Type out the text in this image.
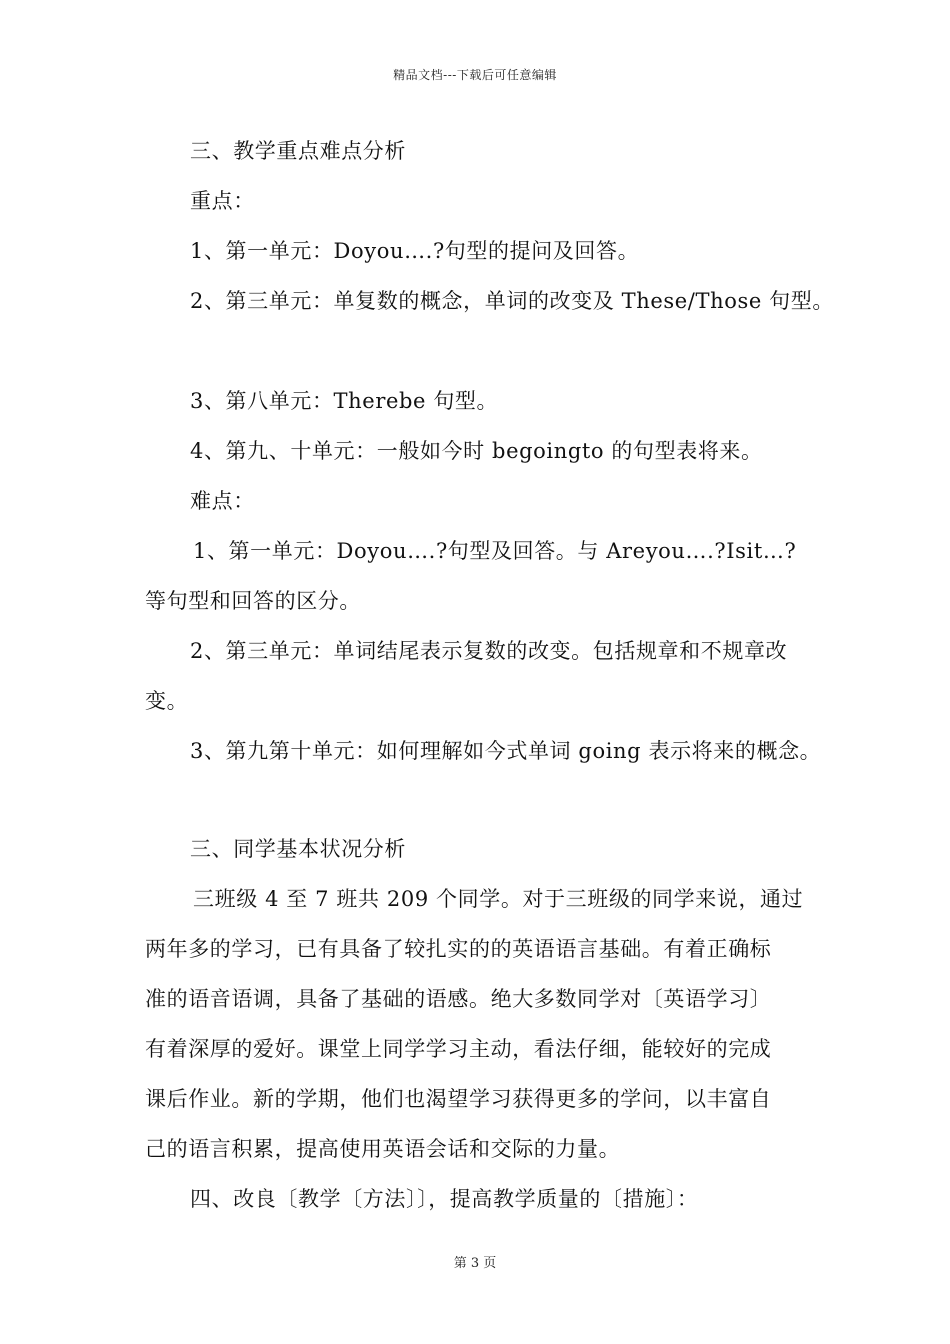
精品文档---下载后可任意编辑
三、教学重点难点分析
重点：
1、第一单元：Doyou….?句型的提问及回答。
2、第三单元：单复数的概念，单词的改变及 These/Those 句型。
3、第八单元：Therebe 句型。
4、第九、十单元：一般如今时 begoingto 的句型表将来。
难点：
1、第一单元：Doyou….?句型及回答。与 Areyou….?Isit…?
等句型和回答的区分。
2、第三单元：单词结尾表示复数的改变。包括规章和不规章改
变。
3、第九第十单元：如何理解如今式单词 going 表示将来的概念。
三、同学基本状况分析
三班级 4 至 7 班共 209 个同学。对于三班级的同学来说，通过
两年多的学习，已有具备了较扎实的的英语语言基础。有着正确标
准的语音语调，具备了基础的语感。绝大多数同学对〔英语学习〕
有着深厚的爱好。课堂上同学学习主动，看法仔细，能较好的完成
课后作业。新的学期，他们也渴望学习获得更多的学问，以丰富自
己的语言积累，提高使用英语会话和交际的力量。
四、改良〔教学〔方法〕〕，提高教学质量的〔措施〕：
第 3 页
